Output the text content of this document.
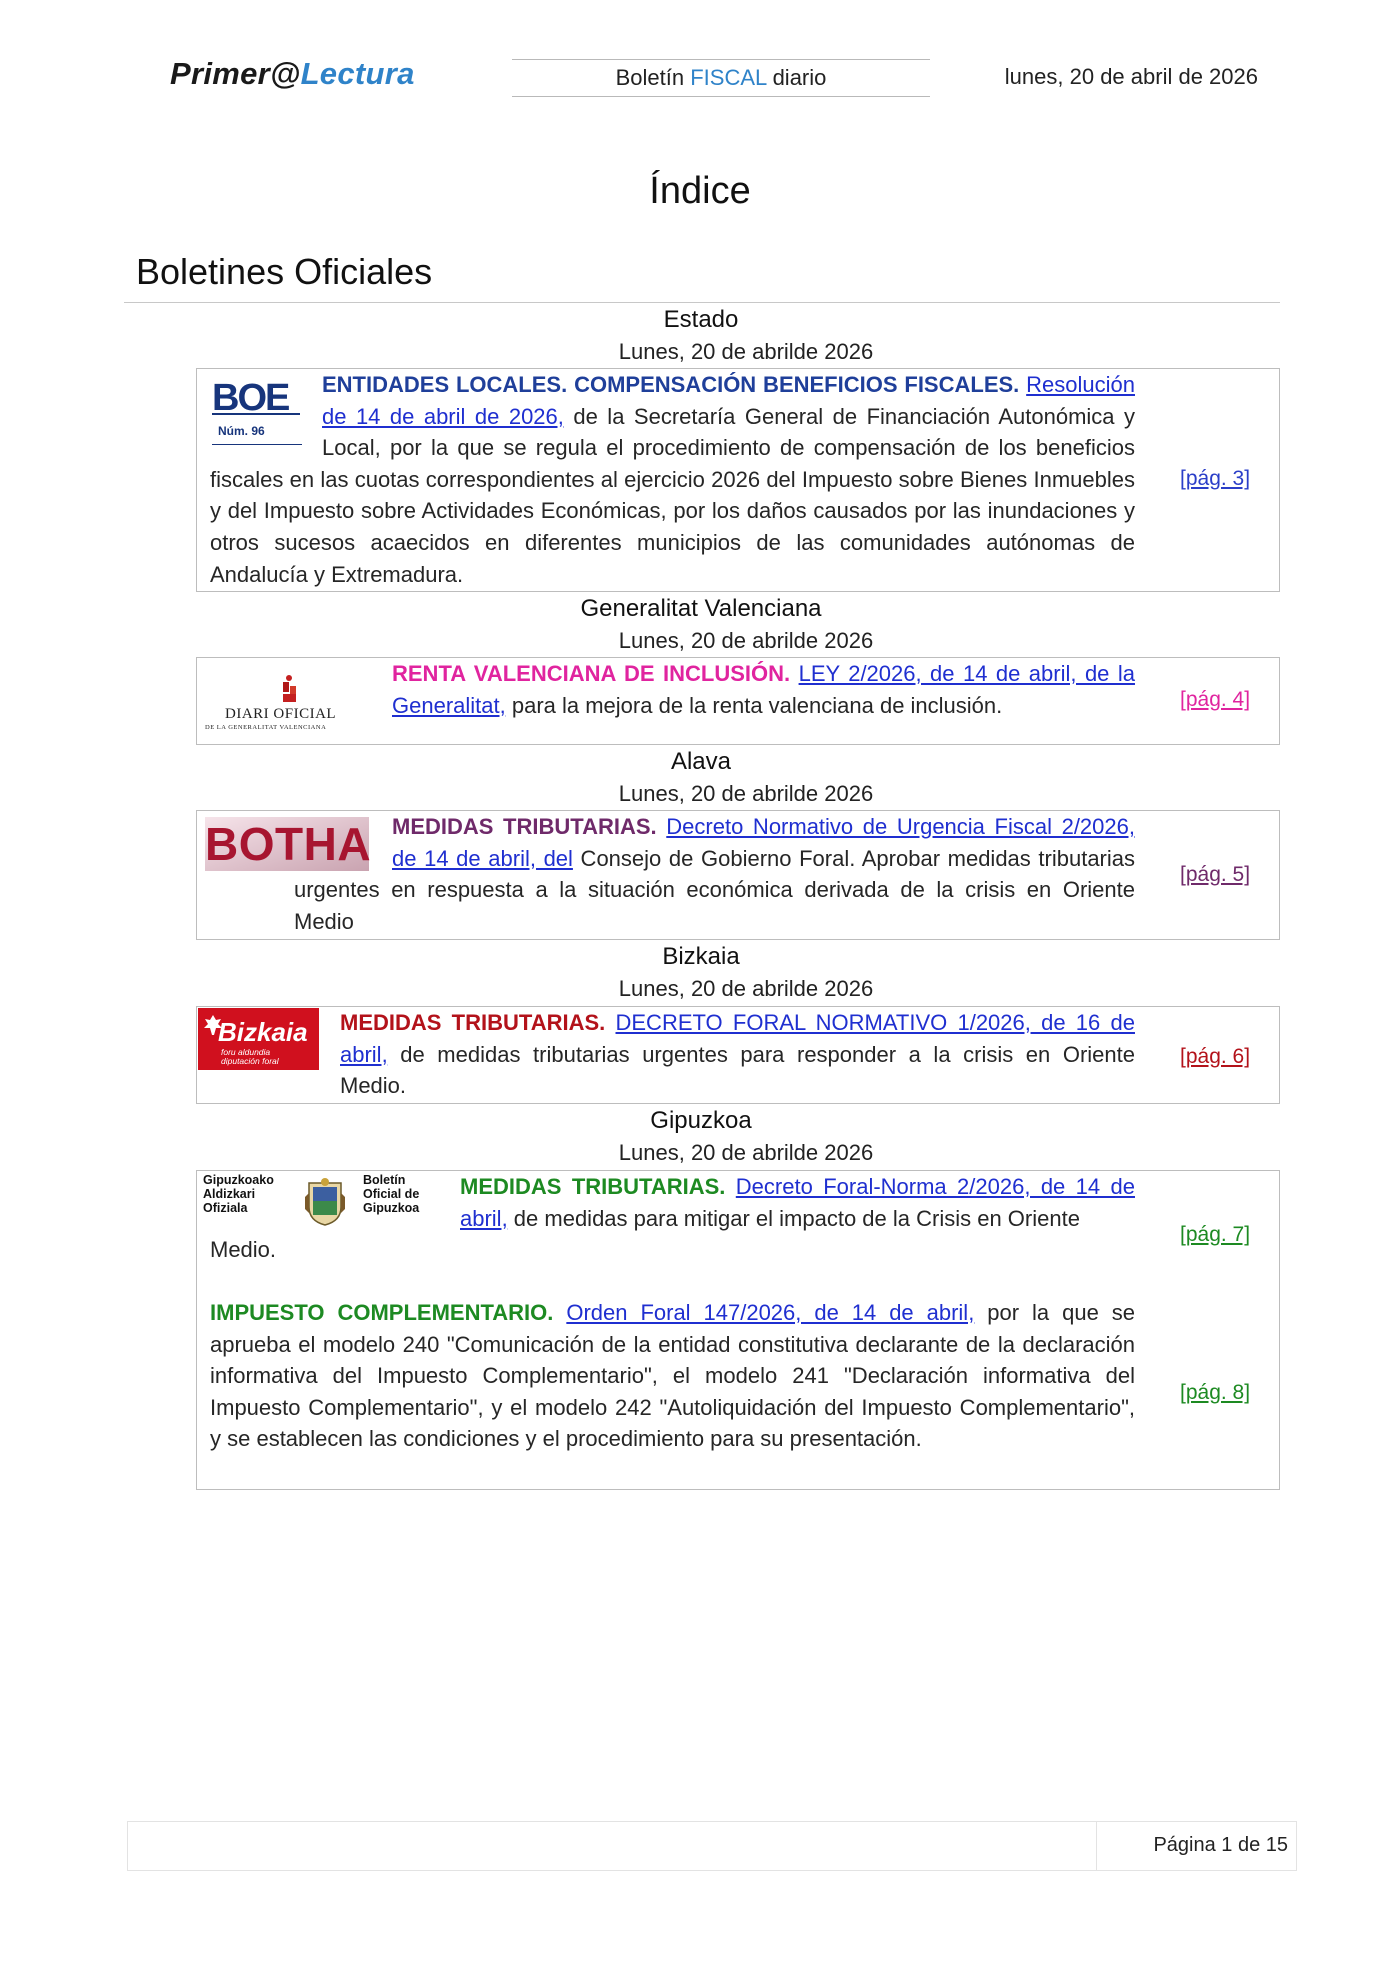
Primer@Lectura	Boletín FISCAL diario	lunes, 20 de abril de 2026
Índice
Boletines Oficiales
Estado
Lunes, 20 de abrilde 2026
BOE
Núm. 96
ENTIDADES LOCALES. COMPENSACIÓN BENEFICIOS FISCALES. Resolución de 14 de abril de 2026, de la Secretaría General de Financiación Autonómica y Local, por la que se regula el procedimiento de compensación de los beneficios fiscales en las cuotas correspondientes al ejercicio 2026 del Impuesto sobre Bienes Inmuebles y del Impuesto sobre Actividades Económicas, por los daños causados por las inundaciones y otros sucesos acaecidos en diferentes municipios de las comunidades autónomas de Andalucía y Extremadura.
[pág. 3]
Generalitat Valenciana
Lunes, 20 de abrilde 2026
DIARI OFICIAL
DE LA GENERALITAT VALENCIANA
RENTA VALENCIANA DE INCLUSIÓN. LEY 2/2026, de 14 de abril, de la Generalitat, para la mejora de la renta valenciana de inclusión.	[pág. 4]
Alava
Lunes, 20 de abrilde 2026
BOTHA MEDIDAS TRIBUTARIAS. Decreto Normativo de Urgencia Fiscal 2/2026, de 14 de abril, del Consejo de Gobierno Foral. Aprobar medidas tributarias urgentes en respuesta a la situación económica derivada de la crisis en Oriente Medio
[pág. 5]
Bizkaia
Lunes, 20 de abrilde 2026
Bizkaia
foru aldundia
diputación foral
MEDIDAS TRIBUTARIAS. DECRETO FORAL NORMATIVO 1/2026, de 16 de abril, de medidas tributarias urgentes para responder a la crisis en Oriente Medio.
[pág. 6]
Gipuzkoa
Lunes, 20 de abrilde 2026
Gipuzkoako
Aldizkari
Ofiziala
Boletín
Oficial de
Gipuzkoa
MEDIDAS TRIBUTARIAS. Decreto Foral-Norma 2/2026, de 14 de abril, de medidas para mitigar el impacto de la Crisis en Oriente
Medio.
[pág. 7]
IMPUESTO COMPLEMENTARIO. Orden Foral 147/2026, de 14 de abril, por la que se aprueba el modelo 240 "Comunicación de la entidad constitutiva declarante de la declaración informativa del Impuesto Complementario", el modelo 241 "Declaración informativa del Impuesto Complementario", y el modelo 242 "Autoliquidación del Impuesto Complementario", y se establecen las condiciones y el procedimiento para su presentación.
[pág. 8]
Página 1 de 15
